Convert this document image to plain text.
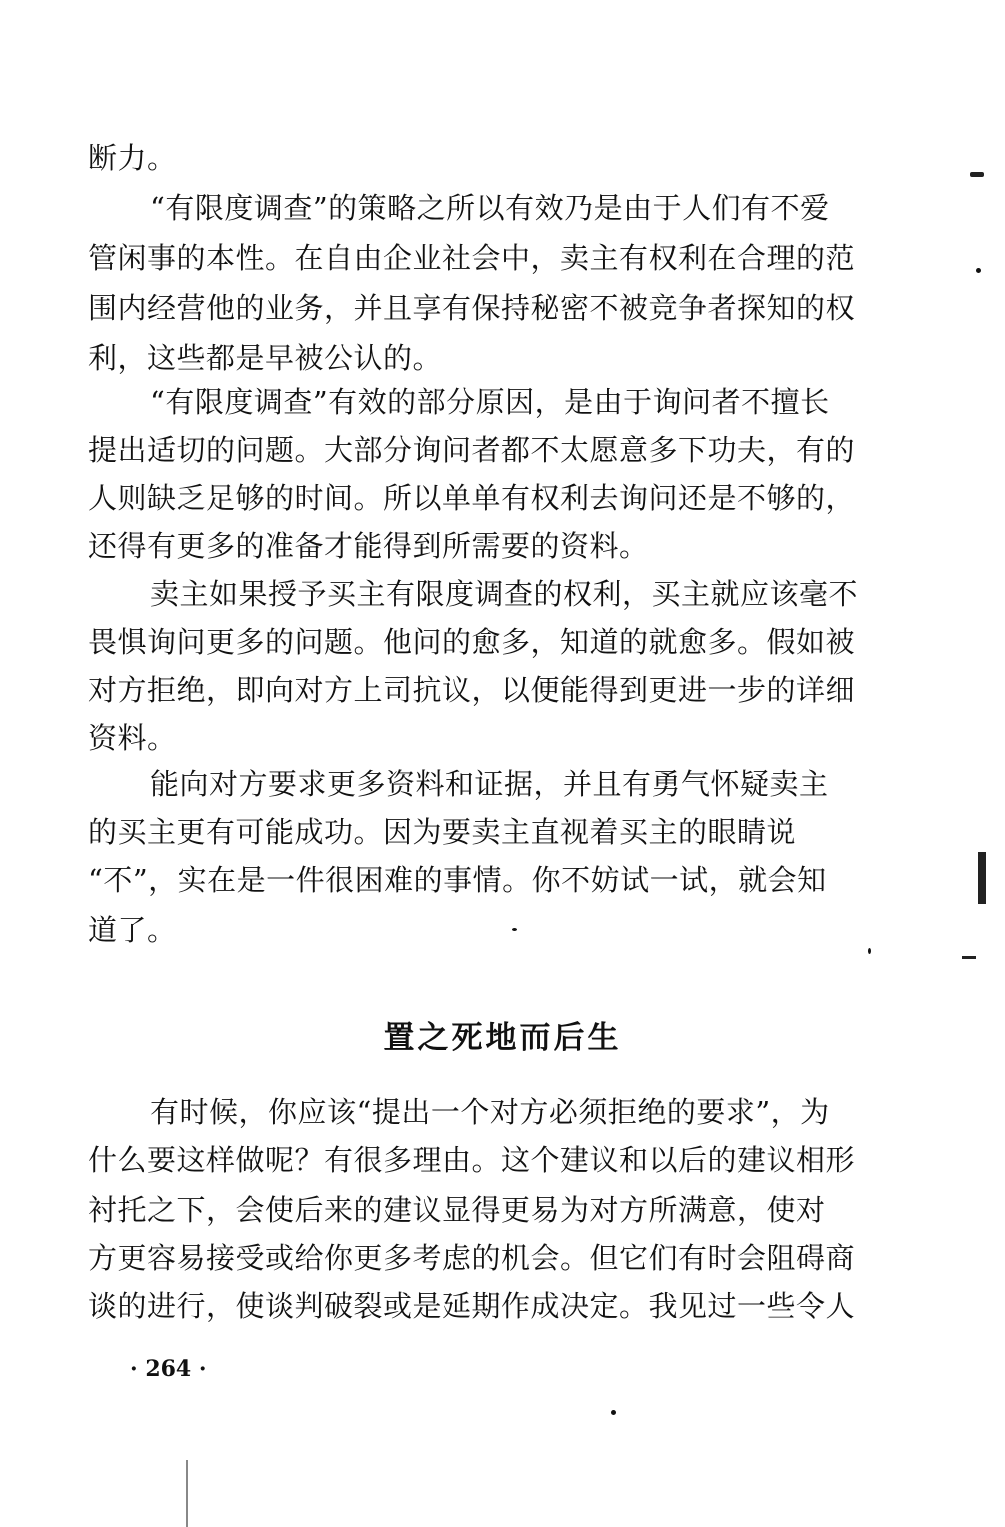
断力。
“有限度调查”的策略之所以有效乃是由于人们有不爱
管闲事的本性。在自由企业社会中，卖主有权利在合理的范
围内经营他的业务，并且享有保持秘密不被竞争者探知的权
利，这些都是早被公认的。
“有限度调查”有效的部分原因，是由于询问者不擅长
提出适切的问题。大部分询问者都不太愿意多下功夫，有的
人则缺乏足够的时间。所以单单有权利去询问还是不够的，
还得有更多的准备才能得到所需要的资料。
卖主如果授予买主有限度调查的权利，买主就应该毫不
畏惧询问更多的问题。他问的愈多，知道的就愈多。假如被
对方拒绝，即向对方上司抗议，以便能得到更进一步的详细
资料。
能向对方要求更多资料和证据，并且有勇气怀疑卖主
的买主更有可能成功。因为要卖主直视着买主的眼睛说
“不”，实在是一件很困难的事情。你不妨试一试，就会知
道了。
置之死地而后生
有时候，你应该“提出一个对方必须拒绝的要求”，为
什么要这样做呢？有很多理由。这个建议和以后的建议相形
衬托之下，会使后来的建议显得更易为对方所满意，使对
方更容易接受或给你更多考虑的机会。但它们有时会阻碍商
谈的进行，使谈判破裂或是延期作成决定。我见过一些令人
· 264 ·
